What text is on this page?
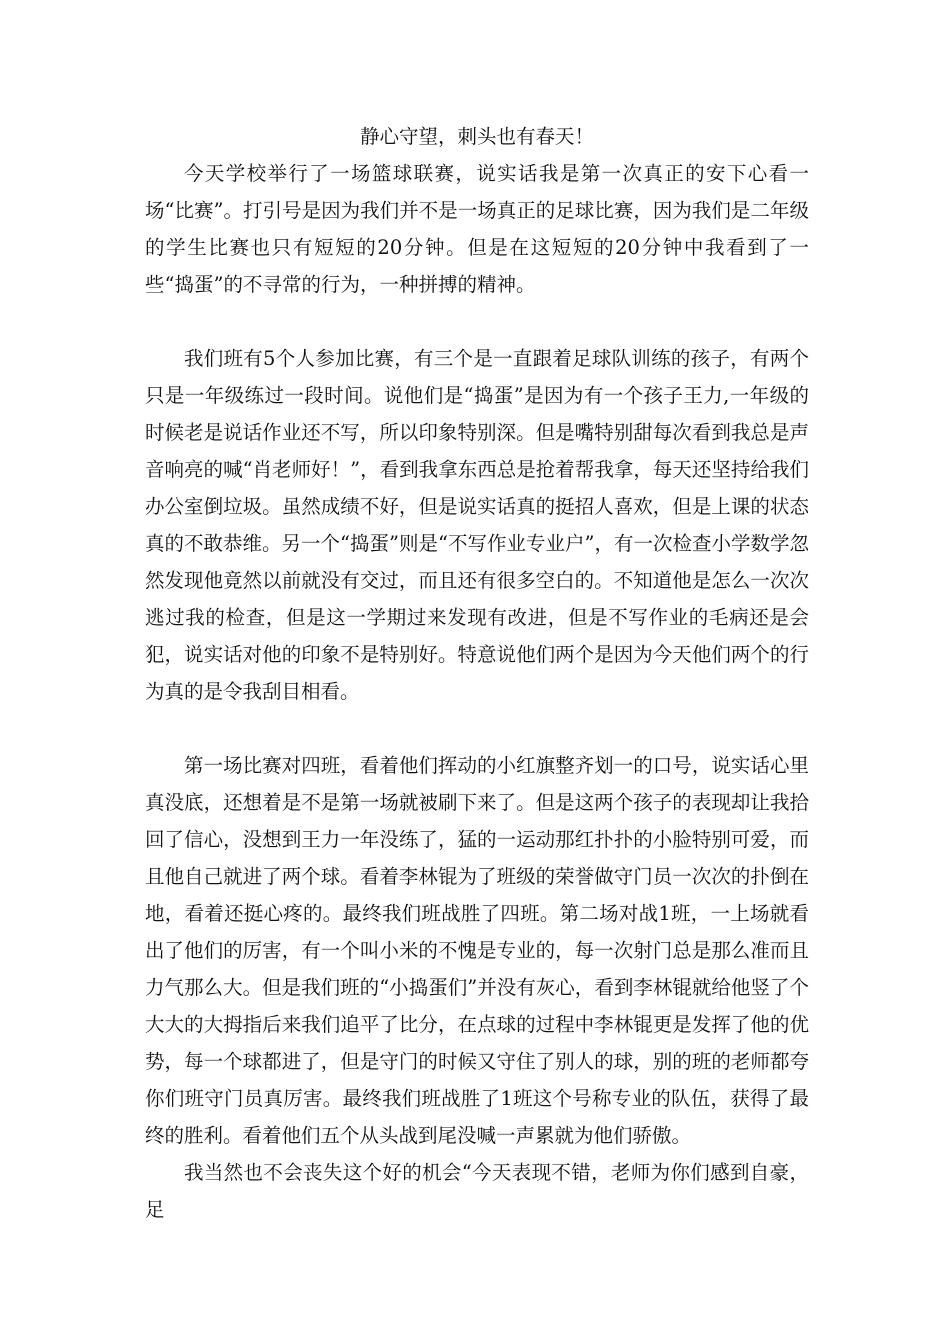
静心守望，刺头也有春天！

今天学校举行了一场篮球联赛，说实话我是第一次真正的安下心看一场“比赛”。打引号是因为我们并不是一场真正的足球比赛，因为我们是二年级的学生比赛也只有短短的20分钟。但是在这短短的20分钟中我看到了一些“捣蛋”的不寻常的行为，一种拼搏的精神。

我们班有5个人参加比赛，有三个是一直跟着足球队训练的孩子，有两个只是一年级练过一段时间。说他们是“捣蛋”是因为有一个孩子王力,一年级的时候老是说话作业还不写，所以印象特别深。但是嘴特别甜每次看到我总是声音响亮的喊“肖老师好！”，看到我拿东西总是抢着帮我拿，每天还坚持给我们办公室倒垃圾。虽然成绩不好，但是说实话真的挺招人喜欢，但是上课的状态真的不敢恭维。另一个“捣蛋”则是“不写作业专业户”，有一次检查小学数学忽然发现他竟然以前就没有交过，而且还有很多空白的。不知道他是怎么一次次逃过我的检查，但是这一学期过来发现有改进，但是不写作业的毛病还是会犯，说实话对他的印象不是特别好。特意说他们两个是因为今天他们两个的行为真的是令我刮目相看。

第一场比赛对四班，看着他们挥动的小红旗整齐划一的口号，说实话心里真没底，还想着是不是第一场就被刷下来了。但是这两个孩子的表现却让我拾回了信心，没想到王力一年没练了，猛的一运动那红扑扑的小脸特别可爱，而且他自己就进了两个球。看着李林锟为了班级的荣誉做守门员一次次的扑倒在地，看着还挺心疼的。最终我们班战胜了四班。第二场对战1班，一上场就看出了他们的厉害，有一个叫小米的不愧是专业的，每一次射门总是那么准而且力气那么大。但是我们班的“小捣蛋们”并没有灰心，看到李林锟就给他竖了个大大的大拇指后来我们追平了比分，在点球的过程中李林锟更是发挥了他的优势，每一个球都进了，但是守门的时候又守住了别人的球，别的班的老师都夸你们班守门员真厉害。最终我们班战胜了1班这个号称专业的队伍，获得了最终的胜利。看着他们五个从头战到尾没喊一声累就为他们骄傲。

我当然也不会丧失这个好的机会“今天表现不错，老师为你们感到自豪，足
